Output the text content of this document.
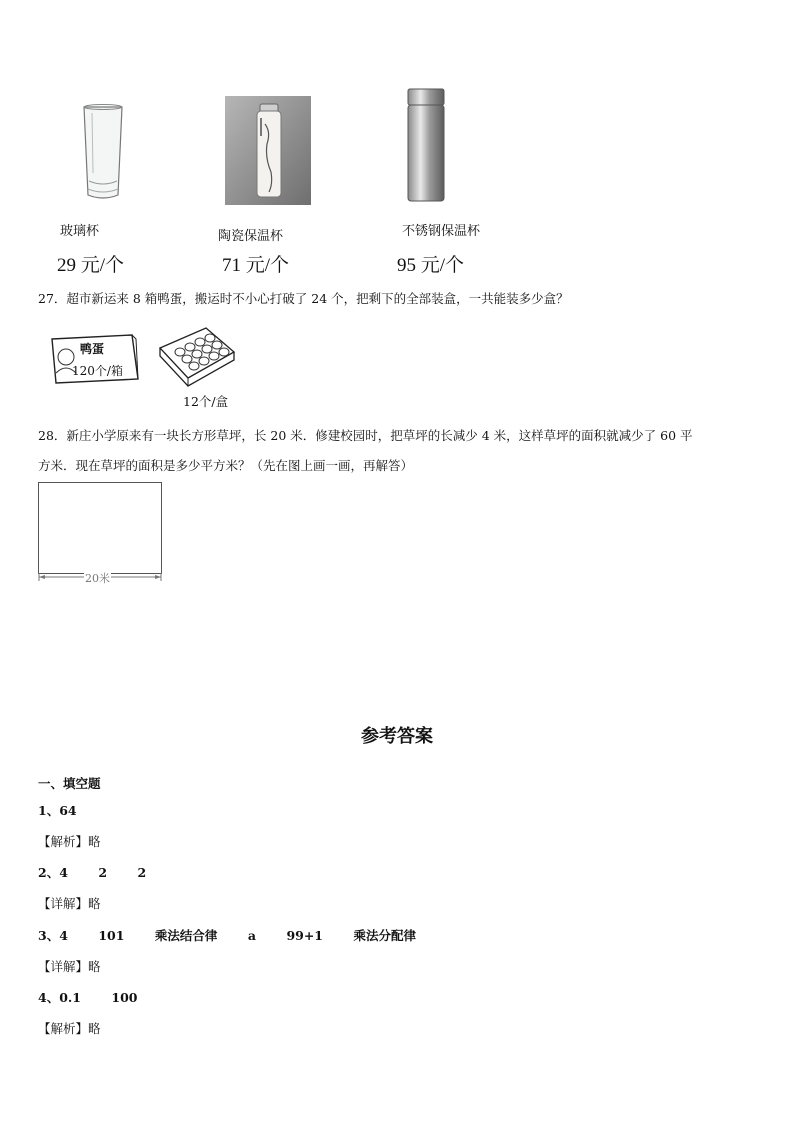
玻璃杯
29 元/个
陶瓷保温杯
71 元/个
不锈钢保温杯
95 元/个
27．超市新运来 8 箱鸭蛋，搬运时不小心打破了 24 个，把剩下的全部装盒，一共能装多少盒？
鸭蛋
120个/箱
12个/盒
28．新庄小学原来有一块长方形草坪，长 20 米．修建校园时，把草坪的长减少 4 米，这样草坪的面积就减少了 60 平
方米．现在草坪的面积是多少平方米？（先在图上画一画，再解答）
20米
参考答案
一、填空题
1、64
【解析】略
2、4       2       2
【详解】略
3、4       101       乘法结合律       a       99+1       乘法分配律
【详解】略
4、0.1       100
【解析】略
